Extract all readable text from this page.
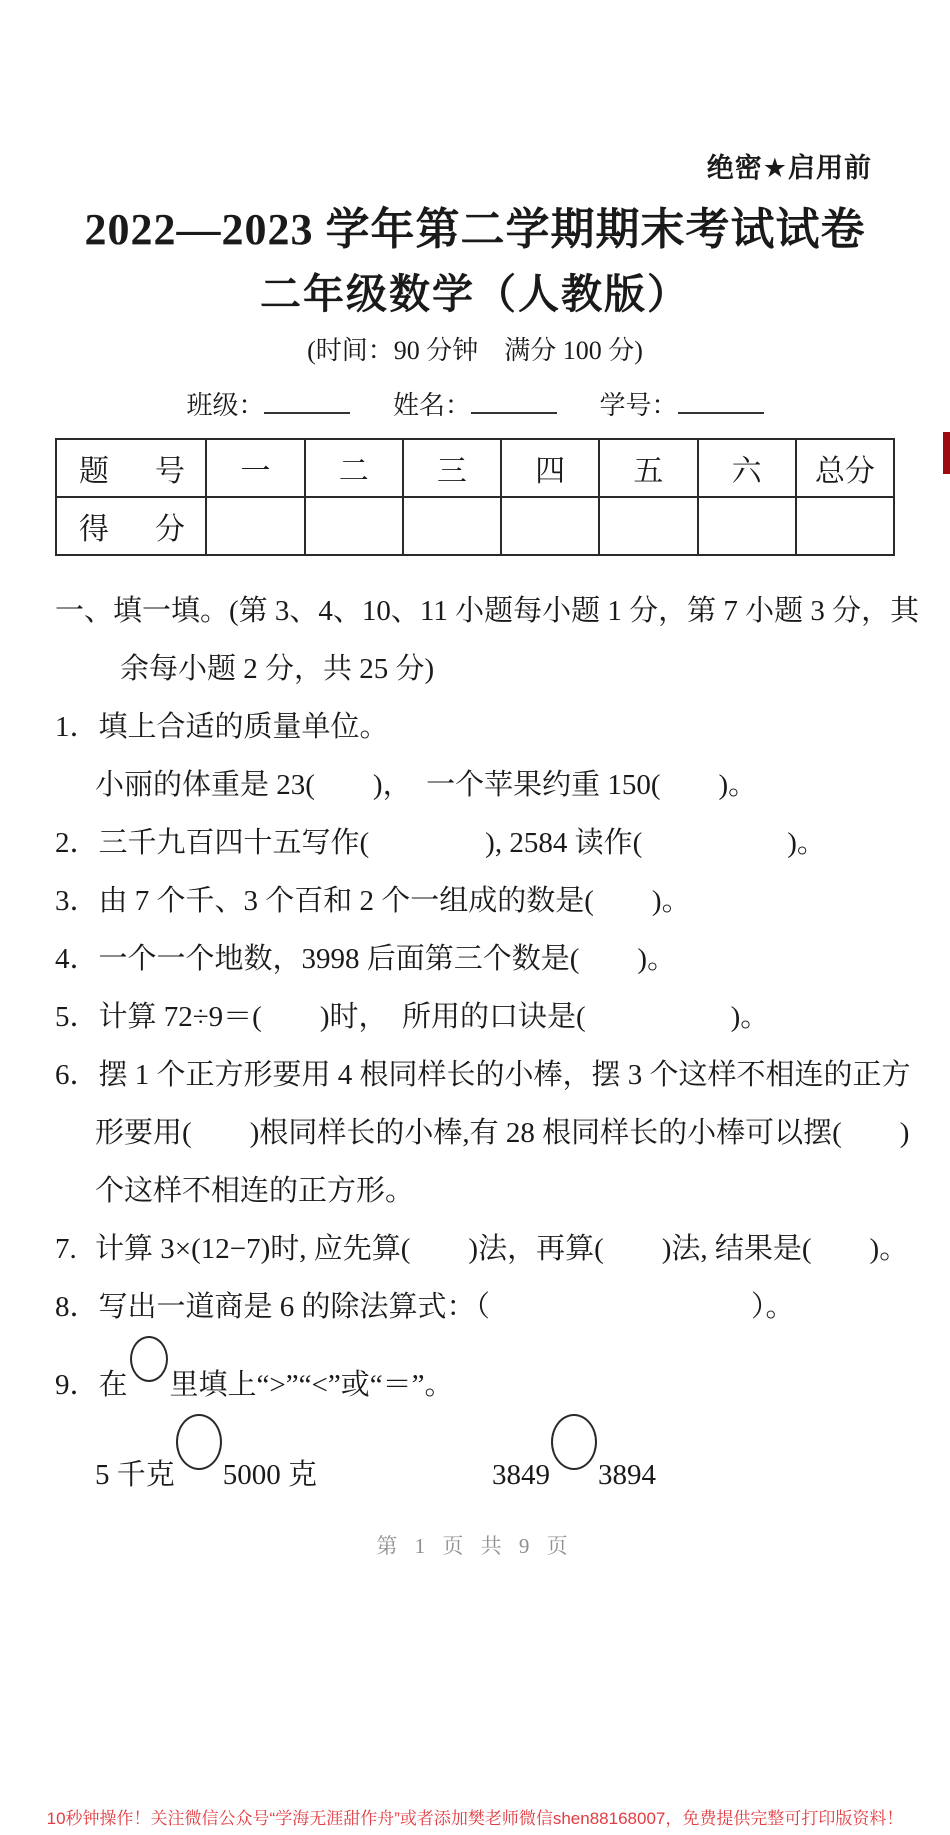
绝密★启用前
2022—2023 学年第二学期期末考试试卷
二年级数学（人教版）
(时间：90 分钟　满分 100 分)
班级：	姓名：	学号：
题　号	一	二	三	四	五	六	总分
得　分							
一、填一填。(第 3、4、10、11 小题每小题 1 分，第 7 小题 3 分，其
余每小题 2 分，共 25 分)
1．填上合适的质量单位。
小丽的体重是 23(　　)，　一个苹果约重 150(　　)。
2．三千九百四十五写作(　　　　), 2584 读作(　　　　　)。
3．由 7 个千、3 个百和 2 个一组成的数是(　　)。
4．一个一个地数，3998 后面第三个数是(　　)。
5．计算 72÷9＝(　　)时，　所用的口诀是(　　　　　)。
6．摆 1 个正方形要用 4 根同样长的小棒，摆 3 个这样不相连的正方
形要用(　　)根同样长的小棒,有 28 根同样长的小棒可以摆(　　)
个这样不相连的正方形。
7. 计算 3×(12−7)时, 应先算(　　)法，再算(　　)法, 结果是(　　)。
8．写出一道商是 6 的除法算式：（　　　　　　　　　）。
9．在 里填上“>”“<”或“＝”。
5 千克 5000 克	3849 3894
第 1 页 共 9 页
10秒钟操作！关注微信公众号“学海无涯甜作舟”或者添加樊老师微信shen88168007，免费提供完整可打印版资料！
